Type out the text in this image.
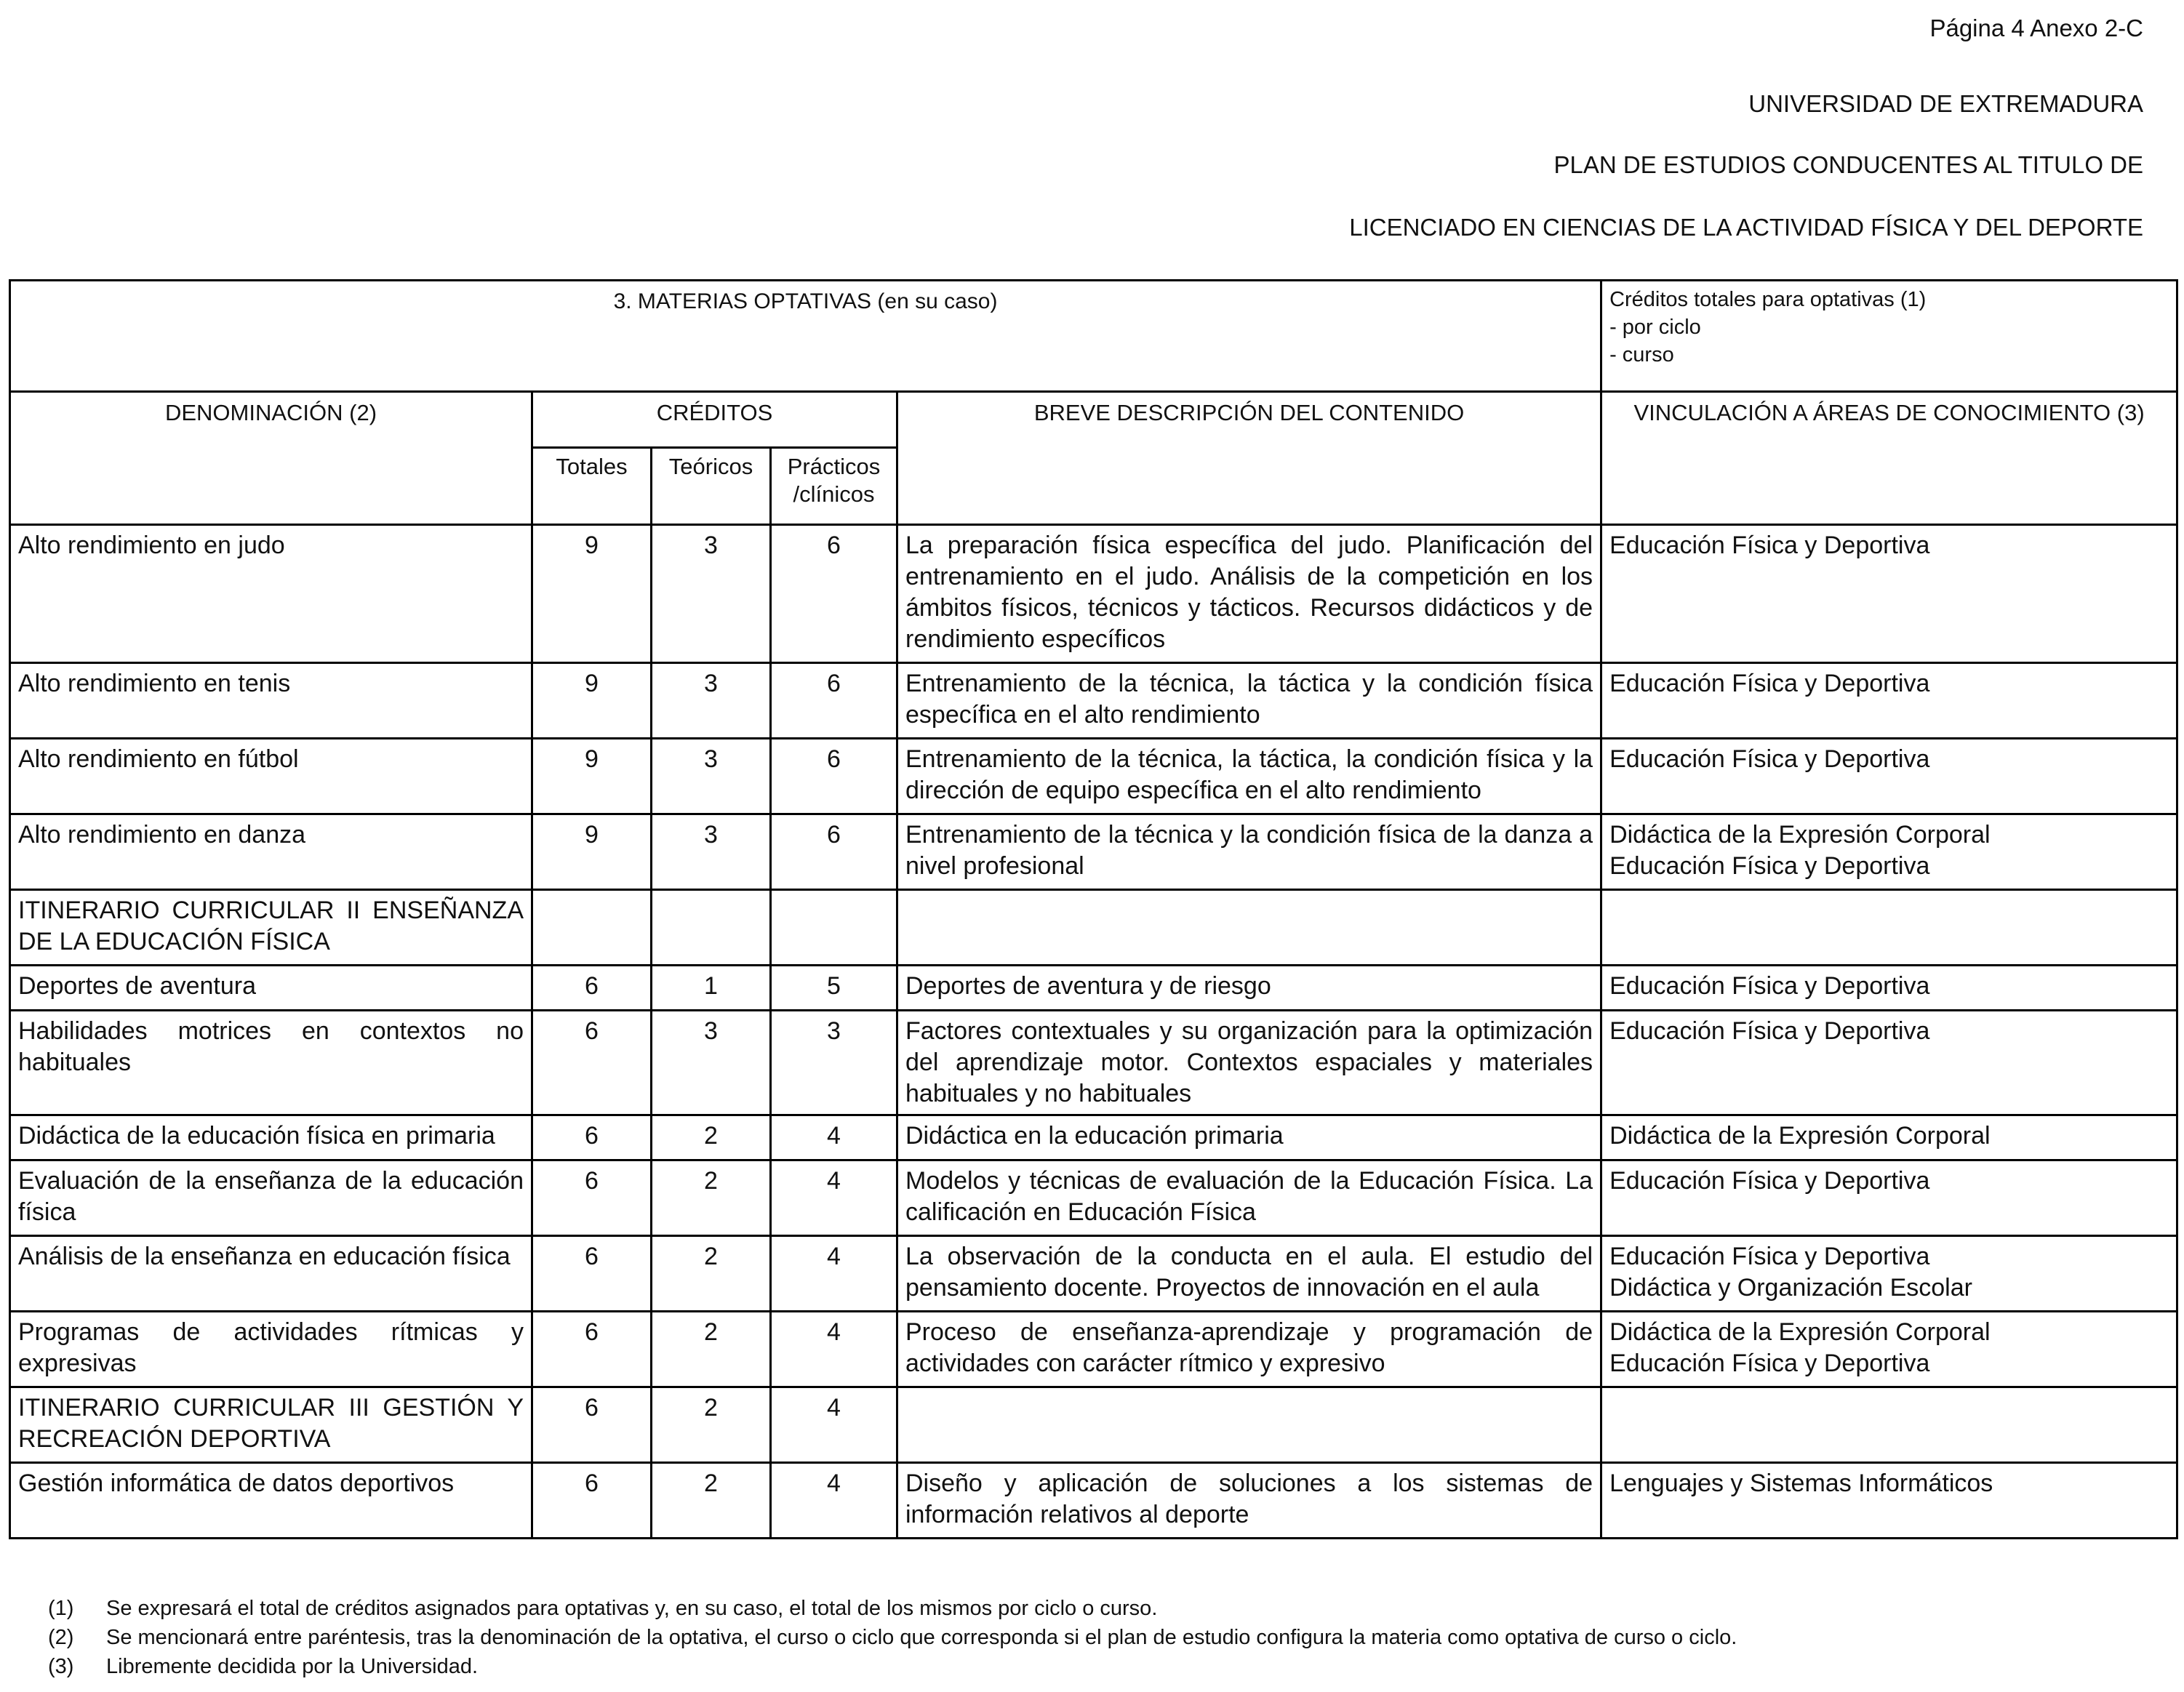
Página 4 Anexo 2-C
UNIVERSIDAD DE EXTREMADURA
PLAN DE ESTUDIOS CONDUCENTES AL TITULO DE
LICENCIADO EN CIENCIAS DE LA ACTIVIDAD FÍSICA Y DEL DEPORTE
3. MATERIAS OPTATIVAS (en su caso)					Créditos totales para optativas (1)
- por ciclo
- curso

DENOMINACIÓN (2)	CRÉDITOS			BREVE DESCRIPCIÓN DEL CONTENIDO	VINCULACIÓN A ÁREAS DE CONOCIMIENTO (3)
	Totales	Teóricos	Prácticos /clínicos		
Alto rendimiento en judo	9	3	6	La preparación física específica del judo. Planificación del entrenamiento en el judo. Análisis de la competición en los ámbitos físicos, técnicos y tácticos. Recursos didácticos y de rendimiento específicos	Educación Física y Deportiva

Alto rendimiento en tenis	9	3	6	Entrenamiento de la técnica, la táctica y la condición física específica en el alto rendimiento	Educación Física y Deportiva

Alto rendimiento en fútbol	9	3	6	Entrenamiento de la técnica, la táctica, la condición física y la dirección de equipo específica en el alto rendimiento	Educación Física y Deportiva

Alto rendimiento en danza	9	3	6	Entrenamiento de la técnica y la condición física de la danza a nivel profesional	Didáctica de la Expresión Corporal
Educación Física y Deportiva

ITINERARIO CURRICULAR II ENSEÑANZA DE LA EDUCACIÓN FÍSICA					

Deportes de aventura	6	1	5	Deportes de aventura y de riesgo	Educación Física y Deportiva

Habilidades motrices en contextos no habituales	6	3	3	Factores contextuales y su organización para la optimización del aprendizaje motor. Contextos espaciales y materiales habituales y no habituales	Educación Física y Deportiva

Didáctica de la educación física en primaria	6	2	4	Didáctica en la educación primaria	Didáctica de la Expresión Corporal

Evaluación de la enseñanza de la educación física	6	2	4	Modelos y técnicas de evaluación de la Educación Física. La calificación en Educación Física	Educación Física y Deportiva

Análisis de la enseñanza en educación física	6	2	4	La observación de la conducta en el aula. El estudio del pensamiento docente. Proyectos de innovación en el aula	Educación Física y Deportiva
Didáctica y Organización Escolar

Programas de actividades rítmicas y expresivas	6	2	4	Proceso de enseñanza-aprendizaje y programación de actividades con carácter rítmico y expresivo	Didáctica de la Expresión Corporal
Educación Física y Deportiva

ITINERARIO CURRICULAR III GESTIÓN Y RECREACIÓN DEPORTIVA	6	2	4		

Gestión informática de datos deportivos	6	2	4	Diseño y aplicación de soluciones a los sistemas de información relativos al deporte	Lenguajes y Sistemas Informáticos
(1)	Se expresará el total de créditos asignados para optativas y, en su caso, el total de los mismos por ciclo o curso.
(2)	Se mencionará entre paréntesis, tras la denominación de la optativa, el curso o ciclo que corresponda si el plan de estudio configura la materia como optativa de curso o ciclo.
(3)	Libremente decidida por la Universidad.
